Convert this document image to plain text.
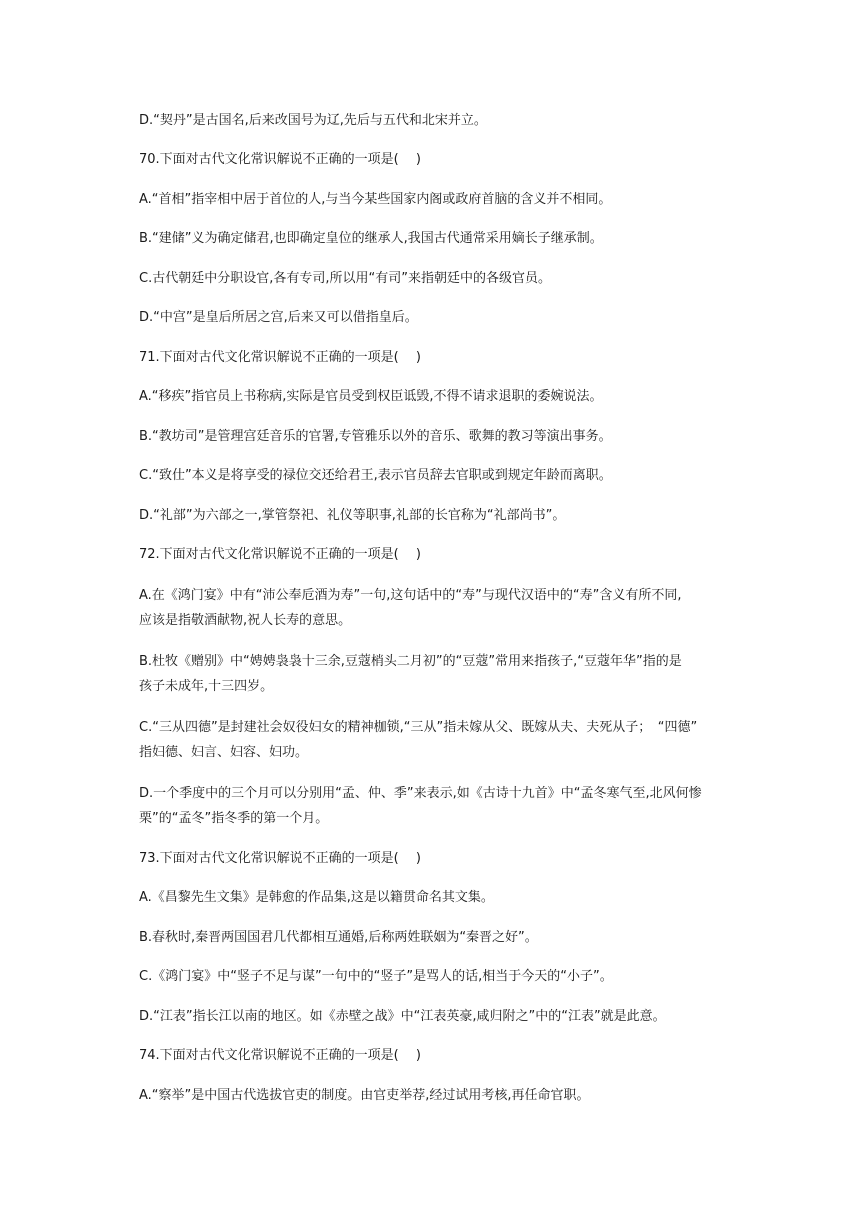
D.“契丹”是古国名,后来改国号为辽,先后与五代和北宋并立。
70.下面对古代文化常识解说不正确的一项是(　 )
A.“首相”指宰相中居于首位的人,与当今某些国家内阁或政府首脑的含义并不相同。
B.“建储”义为确定储君,也即确定皇位的继承人,我国古代通常采用嫡长子继承制。
C.古代朝廷中分职设官,各有专司,所以用“有司”来指朝廷中的各级官员。
D.“中宫”是皇后所居之宫,后来又可以借指皇后。
71.下面对古代文化常识解说不正确的一项是(　 )
A.“移疾”指官员上书称病,实际是官员受到权臣诋毁,不得不请求退职的委婉说法。
B.“教坊司”是管理宫廷音乐的官署,专管雅乐以外的音乐、歌舞的教习等演出事务。
C.“致仕”本义是将享受的禄位交还给君王,表示官员辞去官职或到规定年龄而离职。
D.“礼部”为六部之一,掌管祭祀、礼仪等职事,礼部的长官称为“礼部尚书”。
72.下面对古代文化常识解说不正确的一项是(　 )
A.在《鸿门宴》中有“沛公奉卮酒为寿”一句,这句话中的“寿”与现代汉语中的“寿”含义有所不同,
应该是指敬酒献物,祝人长寿的意思。
B.杜牧《赠别》中“娉娉袅袅十三余,豆蔻梢头二月初”的“豆蔻”常用来指孩子,“豆蔻年华”指的是
孩子未成年,十三四岁。
C.“三从四德”是封建社会奴役妇女的精神枷锁,“三从”指未嫁从父、既嫁从夫、夫死从子；　“四德”
指妇德、妇言、妇容、妇功。
D.一个季度中的三个月可以分别用“孟、仲、季”来表示,如《古诗十九首》中“孟冬寒气至,北风何惨
栗”的“孟冬”指冬季的第一个月。
73.下面对古代文化常识解说不正确的一项是(　 )
A.《昌黎先生文集》是韩愈的作品集,这是以籍贯命名其文集。
B.春秋时,秦晋两国国君几代都相互通婚,后称两姓联姻为“秦晋之好”。
C.《鸿门宴》中“竖子不足与谋”一句中的“竖子”是骂人的话,相当于今天的“小子”。
D.“江表”指长江以南的地区。如《赤壁之战》中“江表英豪,咸归附之”中的“江表”就是此意。
74.下面对古代文化常识解说不正确的一项是(　 )
A.“察举”是中国古代选拔官吏的制度。由官吏举荐,经过试用考核,再任命官职。
